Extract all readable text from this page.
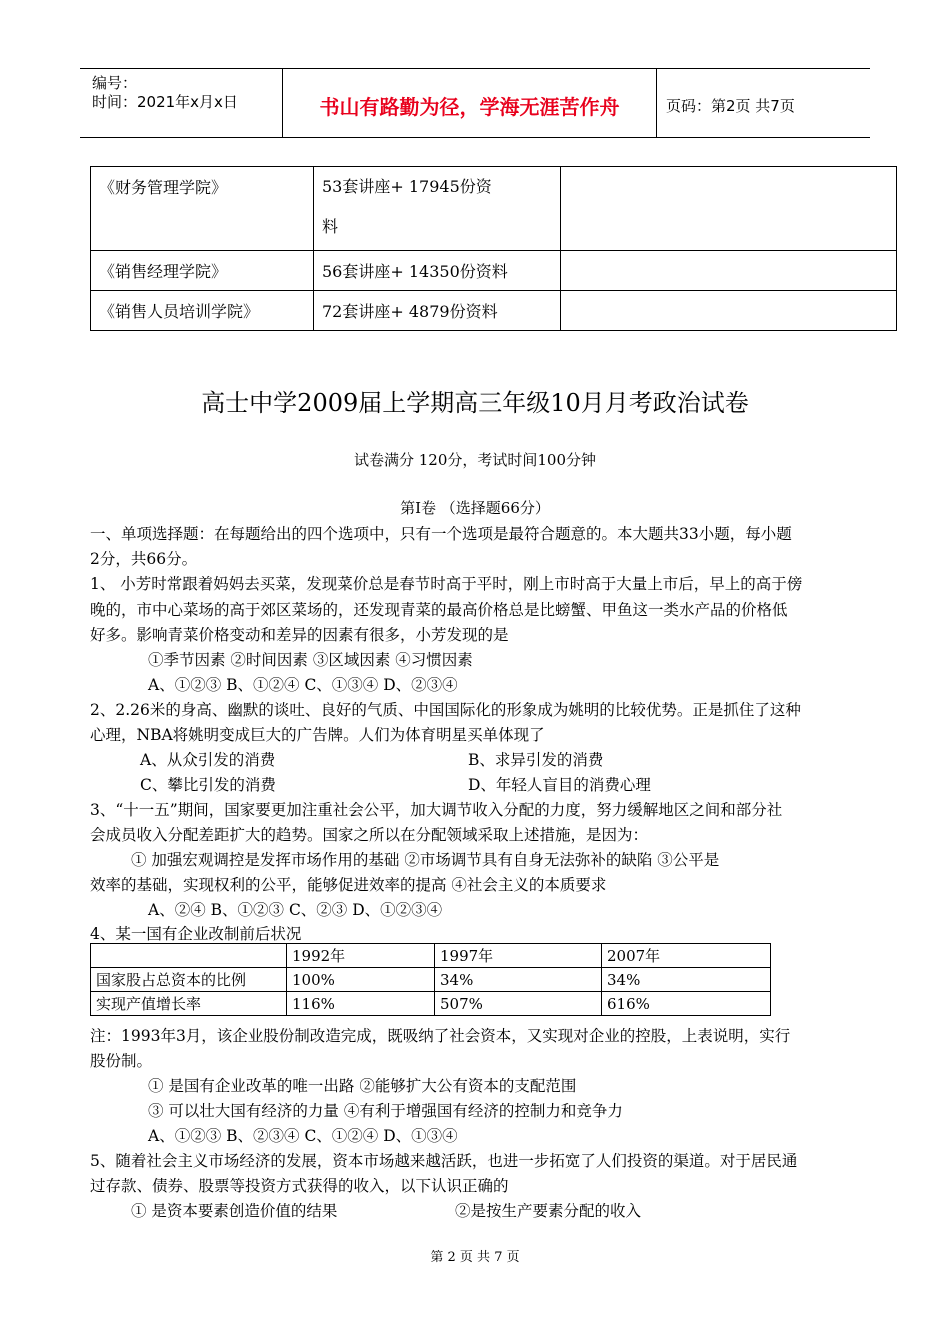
编号：
时间：2021年x月x日	书山有路勤为径，学海无涯苦作舟	页码：第2页 共7页
《财务管理学院》	53套讲座+ 17945份资
料	

《销售经理学院》	56套讲座+ 14350份资料	
《销售人员培训学院》	72套讲座+ 4879份资料	
高士中学2009届上学期高三年级10月月考政治试卷
试卷满分 120分，考试时间100分钟
第Ⅰ卷 （选择题66分）
一、单项选择题：在每题给出的四个选项中，只有一个选项是最符合题意的。本大题共33小题，每小题
2分，共66分。
1、 小芳时常跟着妈妈去买菜，发现菜价总是春节时高于平时，刚上市时高于大量上市后，早上的高于傍
晚的，市中心菜场的高于郊区菜场的，还发现青菜的最高价格总是比螃蟹、甲鱼这一类水产品的价格低
好多。影响青菜价格变动和差异的因素有很多，小芳发现的是
①季节因素 ②时间因素 ③区域因素 ④习惯因素
A、①②③ B、①②④ C、①③④ D、②③④
2、2.26米的身高、幽默的谈吐、良好的气质、中国国际化的形象成为姚明的比较优势。正是抓住了这种
心理，NBA将姚明变成巨大的广告牌。人们为体育明星买单体现了
A、从众引发的消费	B、求异引发的消费
C、攀比引发的消费	D、年轻人盲目的消费心理
3、“十一五”期间，国家要更加注重社会公平，加大调节收入分配的力度，努力缓解地区之间和部分社
会成员收入分配差距扩大的趋势。国家之所以在分配领域采取上述措施，是因为：
① 加强宏观调控是发挥市场作用的基础 ②市场调节具有自身无法弥补的缺陷 ③公平是
效率的基础，实现权利的公平，能够促进效率的提高 ④社会主义的本质要求
A、②④ B、①②③ C、②③ D、①②③④
4、某一国有企业改制前后状况
	1992年	1997年	2007年
国家股占总资本的比例	100%	34%	34%
实现产值增长率	116%	507%	616%
注：1993年3月，该企业股份制改造完成，既吸纳了社会资本，又实现对企业的控股，上表说明，实行
股份制。
① 是国有企业改革的唯一出路 ②能够扩大公有资本的支配范围
③ 可以壮大国有经济的力量 ④有利于增强国有经济的控制力和竞争力
A、①②③ B、②③④ C、①②④ D、①③④
5、随着社会主义市场经济的发展，资本市场越来越活跃，也进一步拓宽了人们投资的渠道。对于居民通
过存款、债券、股票等投资方式获得的收入，以下认识正确的
① 是资本要素创造价值的结果	②是按生产要素分配的收入
第 2 页 共 7 页
